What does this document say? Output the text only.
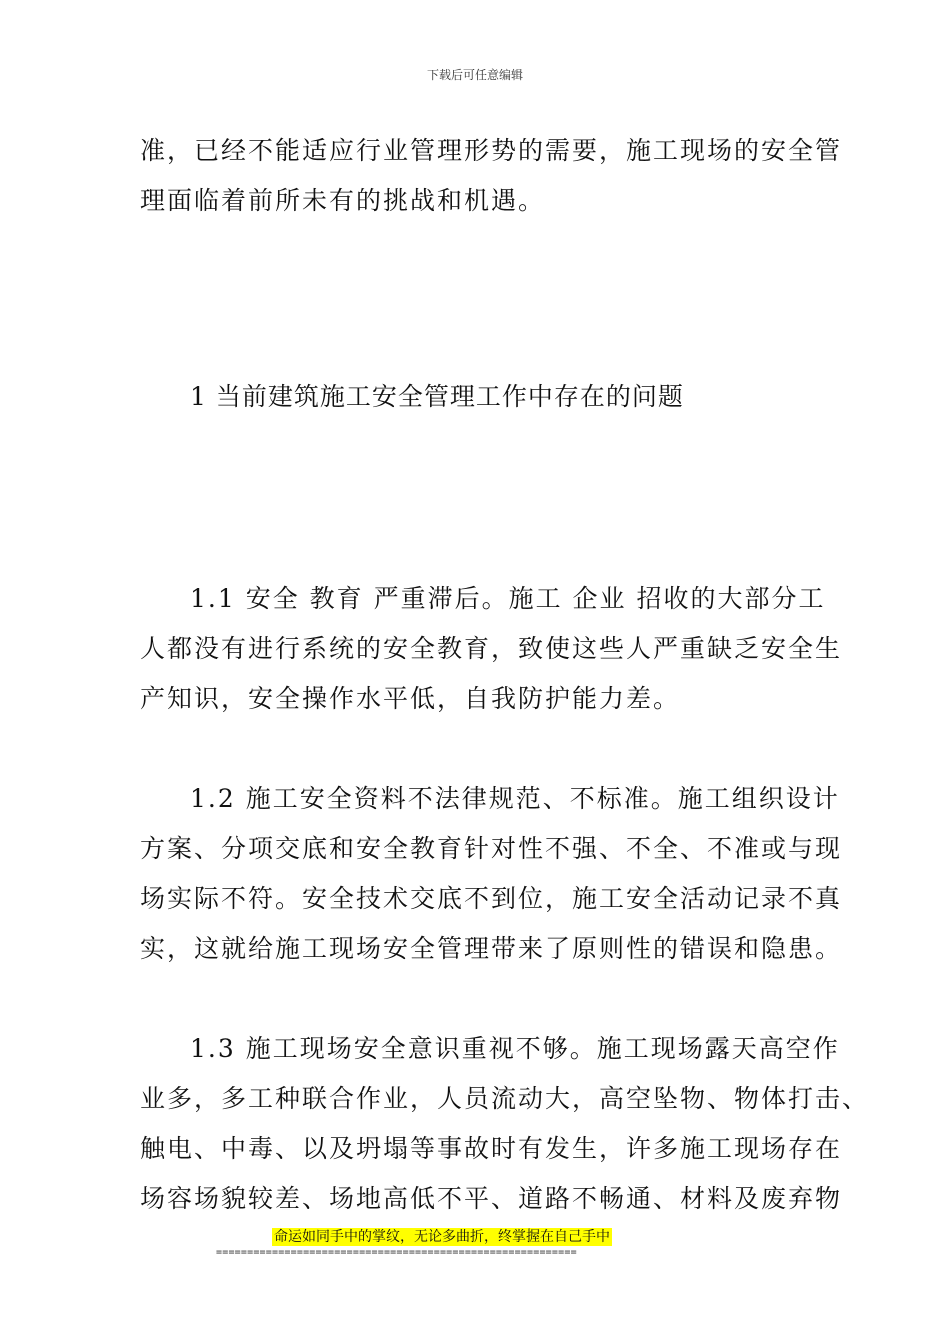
下载后可任意编辑
准，已经不能适应行业管理形势的需要，施工现场的安全管
理面临着前所未有的挑战和机遇。
1 当前建筑施工安全管理工作中存在的问题
1.1 安全 教育 严重滞后。施工 企业 招收的大部分工
人都没有进行系统的安全教育，致使这些人严重缺乏安全生
产知识，安全操作水平低，自我防护能力差。
1.2 施工安全资料不法律规范、不标准。施工组织设计
方案、分项交底和安全教育针对性不强、不全、不准或与现
场实际不符。安全技术交底不到位，施工安全活动记录不真
实，这就给施工现场安全管理带来了原则性的错误和隐患。
1.3 施工现场安全意识重视不够。施工现场露天高空作
业多，多工种联合作业，人员流动大，高空坠物、物体打击、
触电、中毒、以及坍塌等事故时有发生，许多施工现场存在
场容场貌较差、场地高低不平、道路不畅通、材料及废弃物
命运如同手中的掌纹，无论多曲折，终掌握在自己手中
==========================================================
